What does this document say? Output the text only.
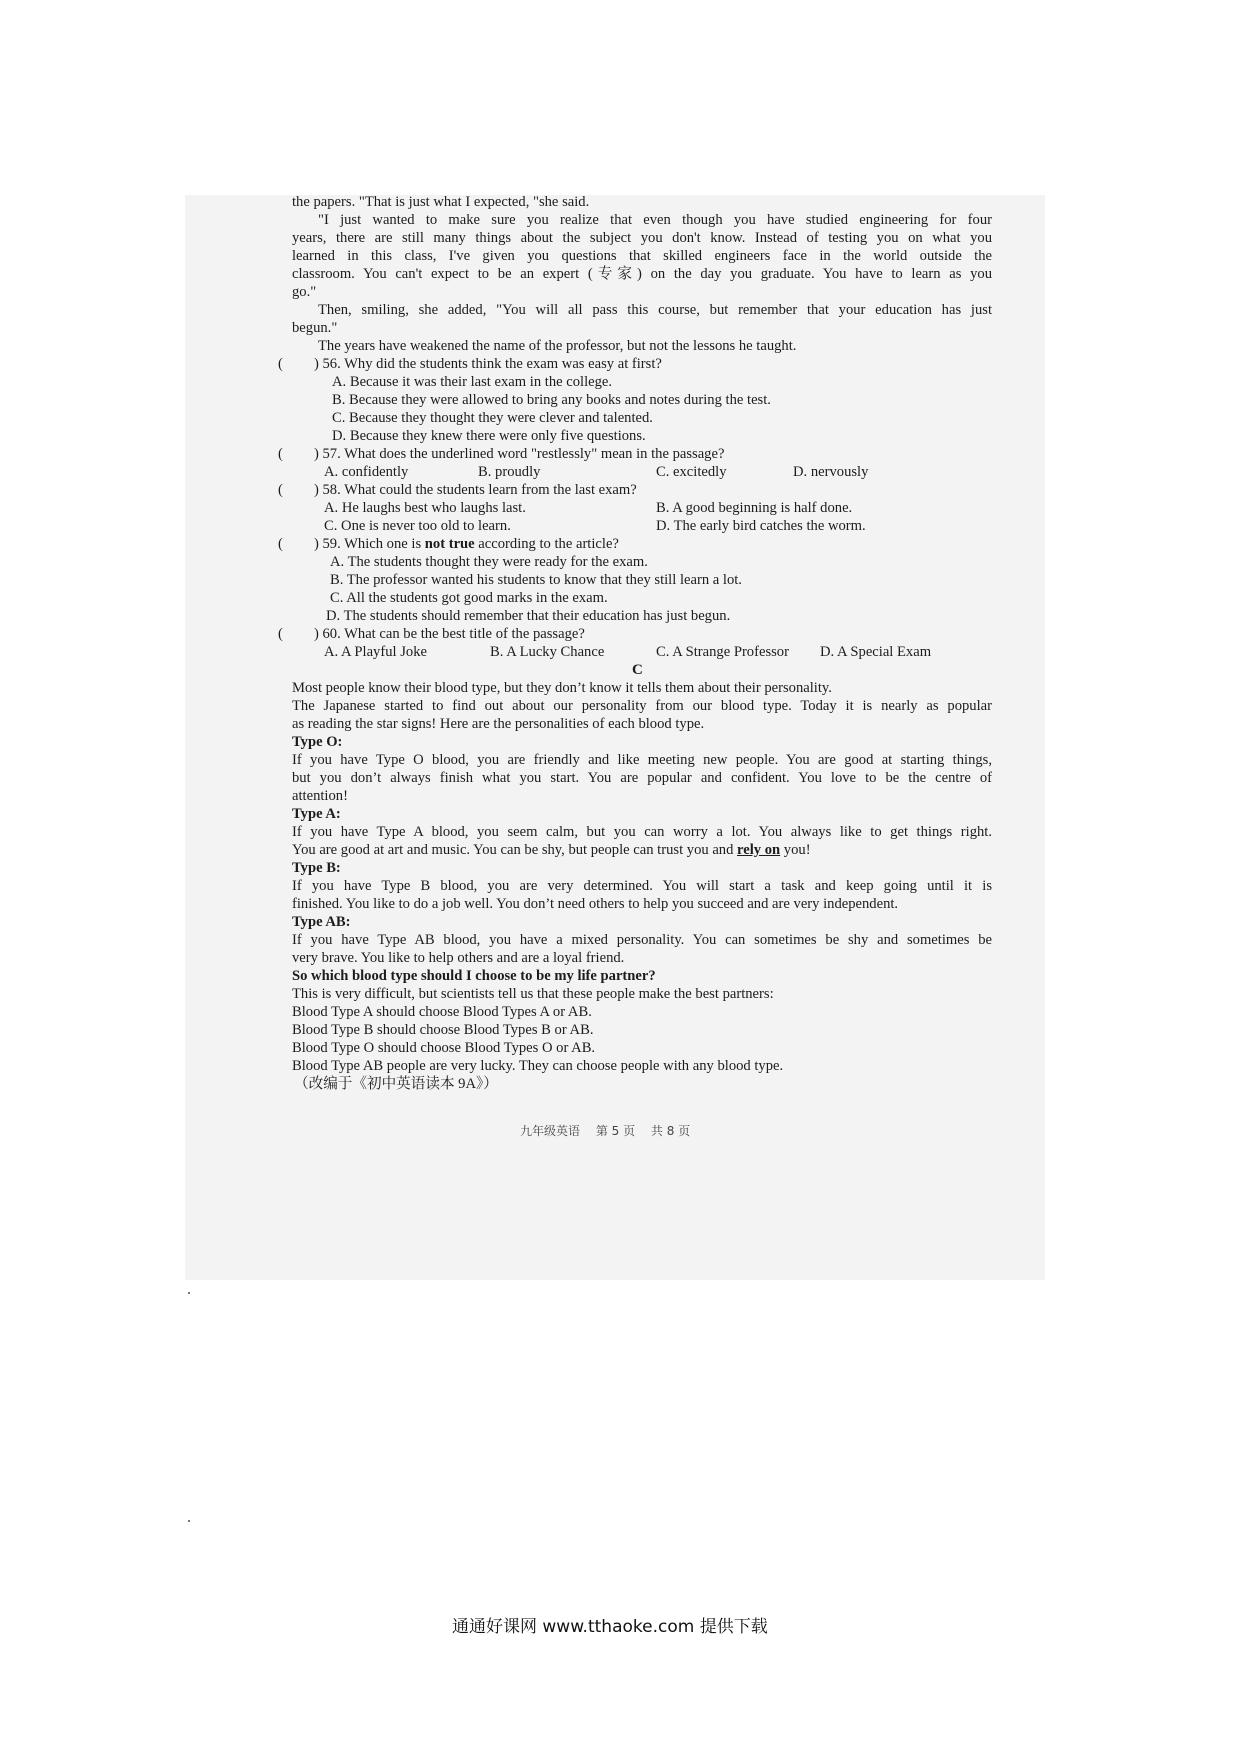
the papers. "That is just what I expected, "she said.
"I just wanted to make sure you realize that even though you have studied engineering for four
years, there are still many things about the subject you don't know. Instead of testing you on what you
learned in this class, I've given you questions that skilled engineers face in the world outside the
classroom. You can't expect to be an expert (专家) on the day you graduate. You have to learn as you
go."
Then, smiling, she added, "You will all pass this course, but remember that your education has just
begun."
The years have weakened the name of the professor, but not the lessons he taught.
( ) 56. Why did the students think the exam was easy at first?
A. Because it was their last exam in the college.
B. Because they were allowed to bring any books and notes during the test.
C. Because they thought they were clever and talented.
D. Because they knew there were only five questions.
( ) 57. What does the underlined word "restlessly" mean in the passage?
A. confidently	B. proudly	C. excitedly	D. nervously
( ) 58. What could the students learn from the last exam?
A. He laughs best who laughs last.	B. A good beginning is half done.
C. One is never too old to learn.	D. The early bird catches the worm.
( ) 59. Which one is not true according to the article?
A. The students thought they were ready for the exam.
B. The professor wanted his students to know that they still learn a lot.
C. All the students got good marks in the exam.
D. The students should remember that their education has just begun.
( ) 60. What can be the best title of the passage?
A. A Playful Joke	B. A Lucky Chance	C. A Strange Professor D. A Special Exam
C
Most people know their blood type, but they don’t know it tells them about their personality.
The Japanese started to find out about our personality from our blood type. Today it is nearly as popular
as reading the star signs! Here are the personalities of each blood type.
Type O:
If you have Type O blood, you are friendly and like meeting new people. You are good at starting things,
but you don’t always finish what you start. You are popular and confident. You love to be the centre of
attention!
Type A:
If you have Type A blood, you seem calm, but you can worry a lot. You always like to get things right.
You are good at art and music. You can be shy, but people can trust you and rely on you!
Type B:
If you have Type B blood, you are very determined. You will start a task and keep going until it is
finished. You like to do a job well. You don’t need others to help you succeed and are very independent.
Type AB:
If you have Type AB blood, you have a mixed personality. You can sometimes be shy and sometimes be
very brave. You like to help others and are a loyal friend.
So which blood type should I choose to be my life partner?
This is very difficult, but scientists tell us that these people make the best partners:
Blood Type A should choose Blood Types A or AB.
Blood Type B should choose Blood Types B or AB.
Blood Type O should choose Blood Types O or AB.
Blood Type AB people are very lucky. They can choose people with any blood type.
（改编于《初中英语读本 9A》）
九年级英语　 第 5 页　 共 8 页
通通好课网 www.tthaoke.com 提供下载
